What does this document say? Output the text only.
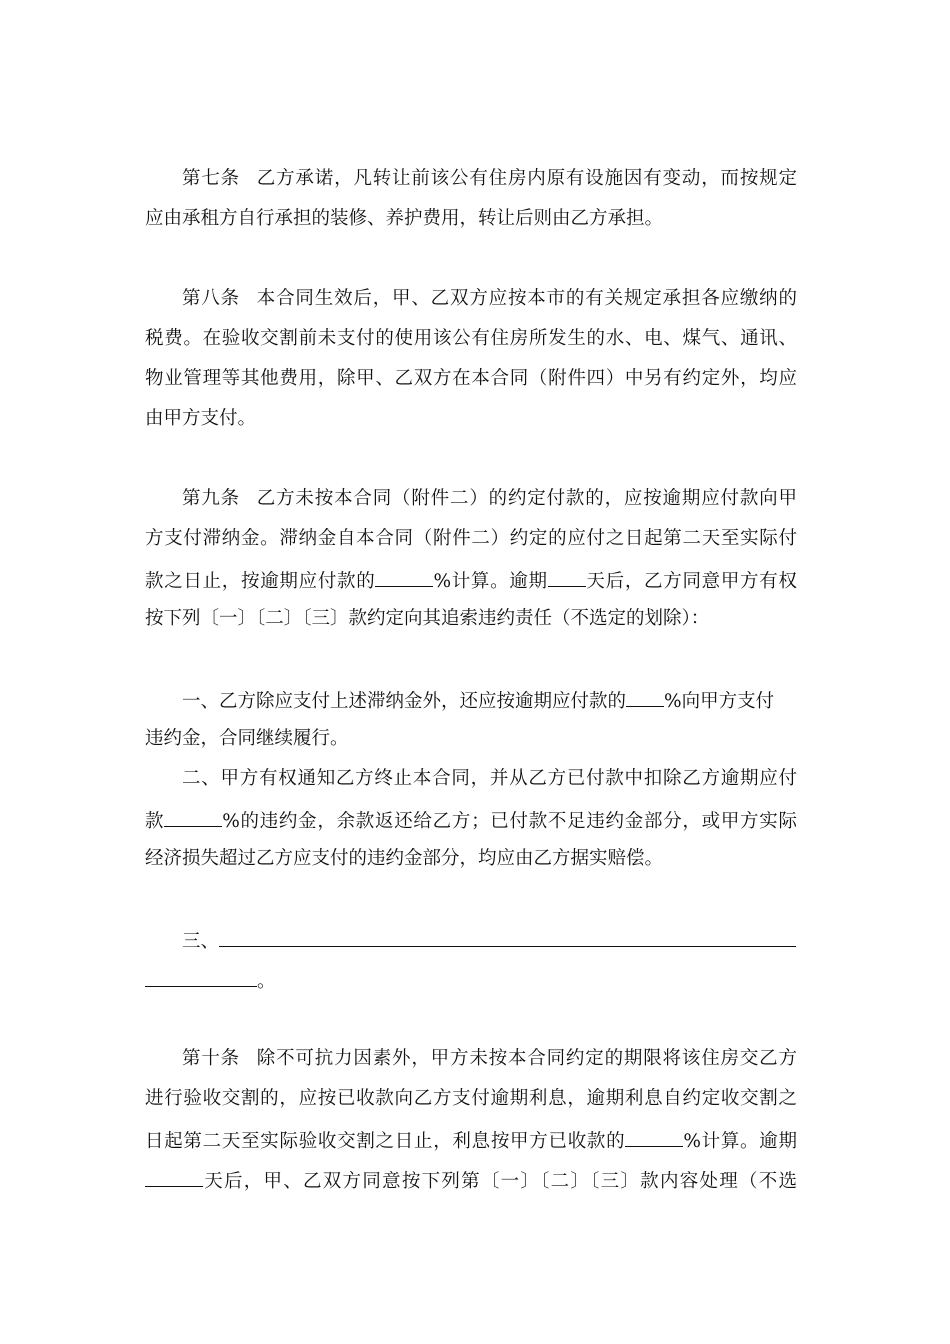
第七条 乙方承诺，凡转让前该公有住房内原有设施因有变动，而按规定
应由承租方自行承担的装修、养护费用，转让后则由乙方承担。
第八条 本合同生效后，甲、乙双方应按本市的有关规定承担各应缴纳的
税费。在验收交割前未支付的使用该公有住房所发生的水、电、煤气、通讯、
物业管理等其他费用，除甲、乙双方在本合同（附件四）中另有约定外，均应
由甲方支付。
第九条 乙方未按本合同（附件二）的约定付款的，应按逾期应付款向甲
方支付滞纳金。滞纳金自本合同（附件二）约定的应付之日起第二天至实际付
款之日止，按逾期应付款的	%计算。逾期 天后，乙方同意甲方有权
按下列〔一〕〔二〕〔三〕款约定向其追索违约责任（不选定的划除）：
一、乙方除应支付上述滞纳金外，还应按逾期应付款的 %向甲方支付
违约金，合同继续履行。
二、甲方有权通知乙方终止本合同，并从乙方已付款中扣除乙方逾期应付
款	%的违约金，余款返还给乙方；已付款不足违约金部分，或甲方实际
经济损失超过乙方应支付的违约金部分，均应由乙方据实赔偿。
三、
。
第十条 除不可抗力因素外，甲方未按本合同约定的期限将该住房交乙方
进行验收交割的，应按已收款向乙方支付逾期利息，逾期利息自约定收交割之
日起第二天至实际验收交割之日止，利息按甲方已收款的	%计算。逾期
天后，甲、乙双方同意按下列第〔一〕〔二〕〔三〕款内容处理（不选
